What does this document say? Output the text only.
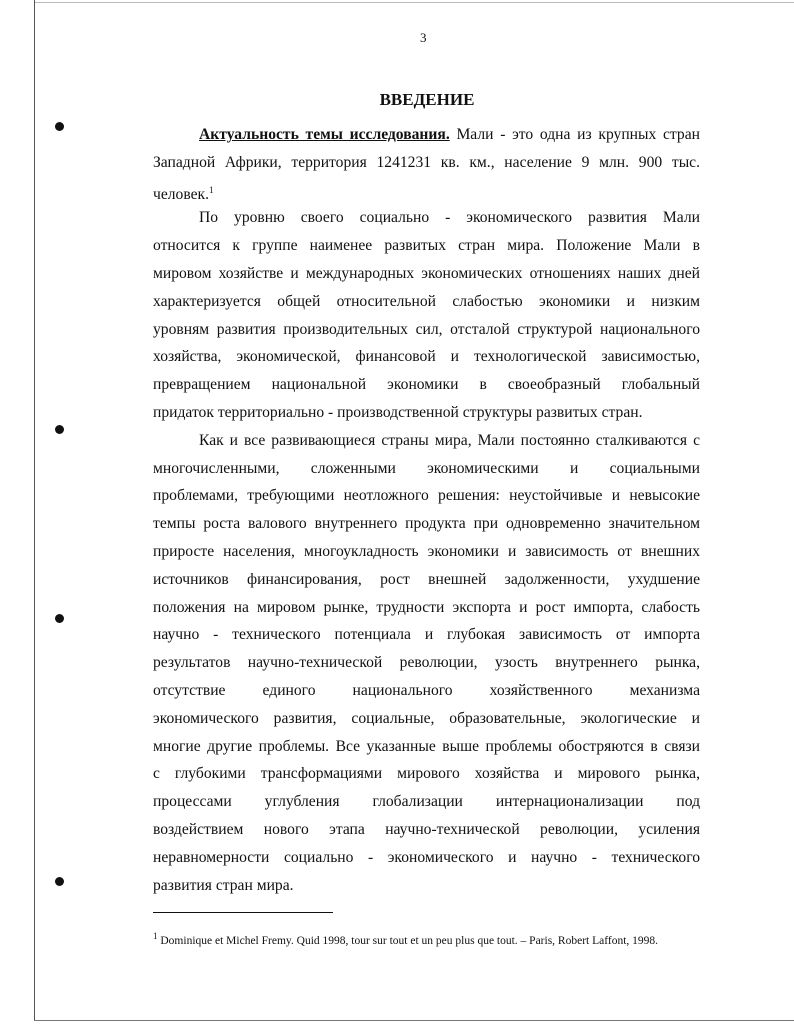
3
ВВЕДЕНИЕ
Актуальность темы исследования. Мали - это одна из крупных стран
Западной Африки, территория 1241231 кв. км., население 9 млн. 900 тыс.
человек.$^1$
По уровню своего социально - экономического развития Мали
относится к группе наименее развитых стран мира. Положение Мали в
мировом хозяйстве и международных экономических отношениях наших дней
характеризуется общей относительной слабостью экономики и низким
уровням развития производительных сил, отсталой структурой национального
хозяйства, экономической, финансовой и технологической зависимостью,
превращением национальной экономики в своеобразный глобальный
придаток территориально - производственной структуры развитых стран.
Как и все развивающиеся страны мира, Мали постоянно сталкиваются с
многочисленными, сложенными экономическими и социальными
проблемами, требующими неотложного решения: неустойчивые и невысокие
темпы роста валового внутреннего продукта при одновременно значительном
приросте населения, многоукладность экономики и зависимость от внешних
источников финансирования, рост внешней задолженности, ухудшение
положения на мировом рынке, трудности экспорта и рост импорта, слабость
научно - технического потенциала и глубокая зависимость от импорта
результатов научно-технической революции, узость внутреннего рынка,
отсутствие единого национального хозяйственного механизма
экономического развития, социальные, образовательные, экологические и
многие другие проблемы. Все указанные выше проблемы обостряются в связи
с глубокими трансформациями мирового хозяйства и мирового рынка,
процессами углубления глобализации интернационализации под
воздействием нового этапа научно-технической революции, усиления
неравномерности социально - экономического и научно - технического
развития стран мира.
$^1$ Dominique et Michel Fremy. Quid 1998, tour sur tout et un peu plus que tout. – Paris, Robert Laffont, 1998.
